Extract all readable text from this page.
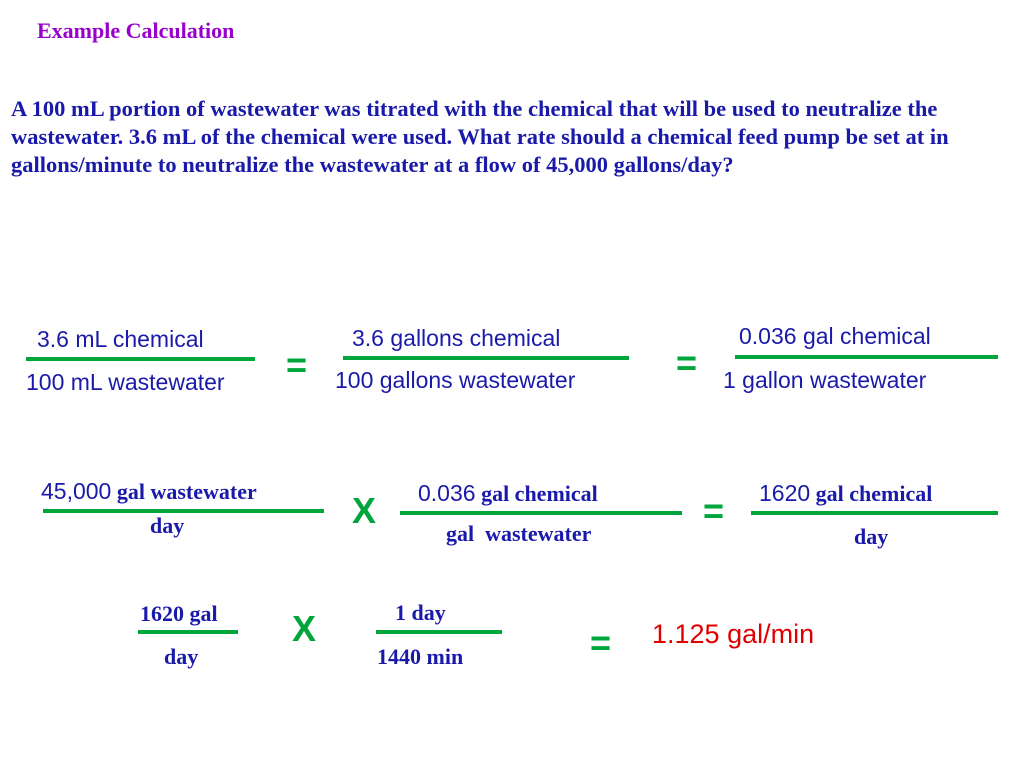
Example Calculation
A 100 mL portion of wastewater was titrated with the chemical that will be used to neutralize the wastewater. 3.6 mL of the chemical were used. What rate should a chemical feed pump be set at in gallons/minute to neutralize the wastewater at a flow of 45,000 gallons/day?
3.6 mL chemical
100 mL wastewater =
3.6 gallons chemical
100 gallons wastewater	=
0.036 gal chemical
1 gallon wastewater
45,000 gal wastewater
day	X 0.036 gal chemical
gal  wastewater
= 1620 gal chemical
day
1620 gal
day
X	1 day
1440 min	= 1.125 gal/min
